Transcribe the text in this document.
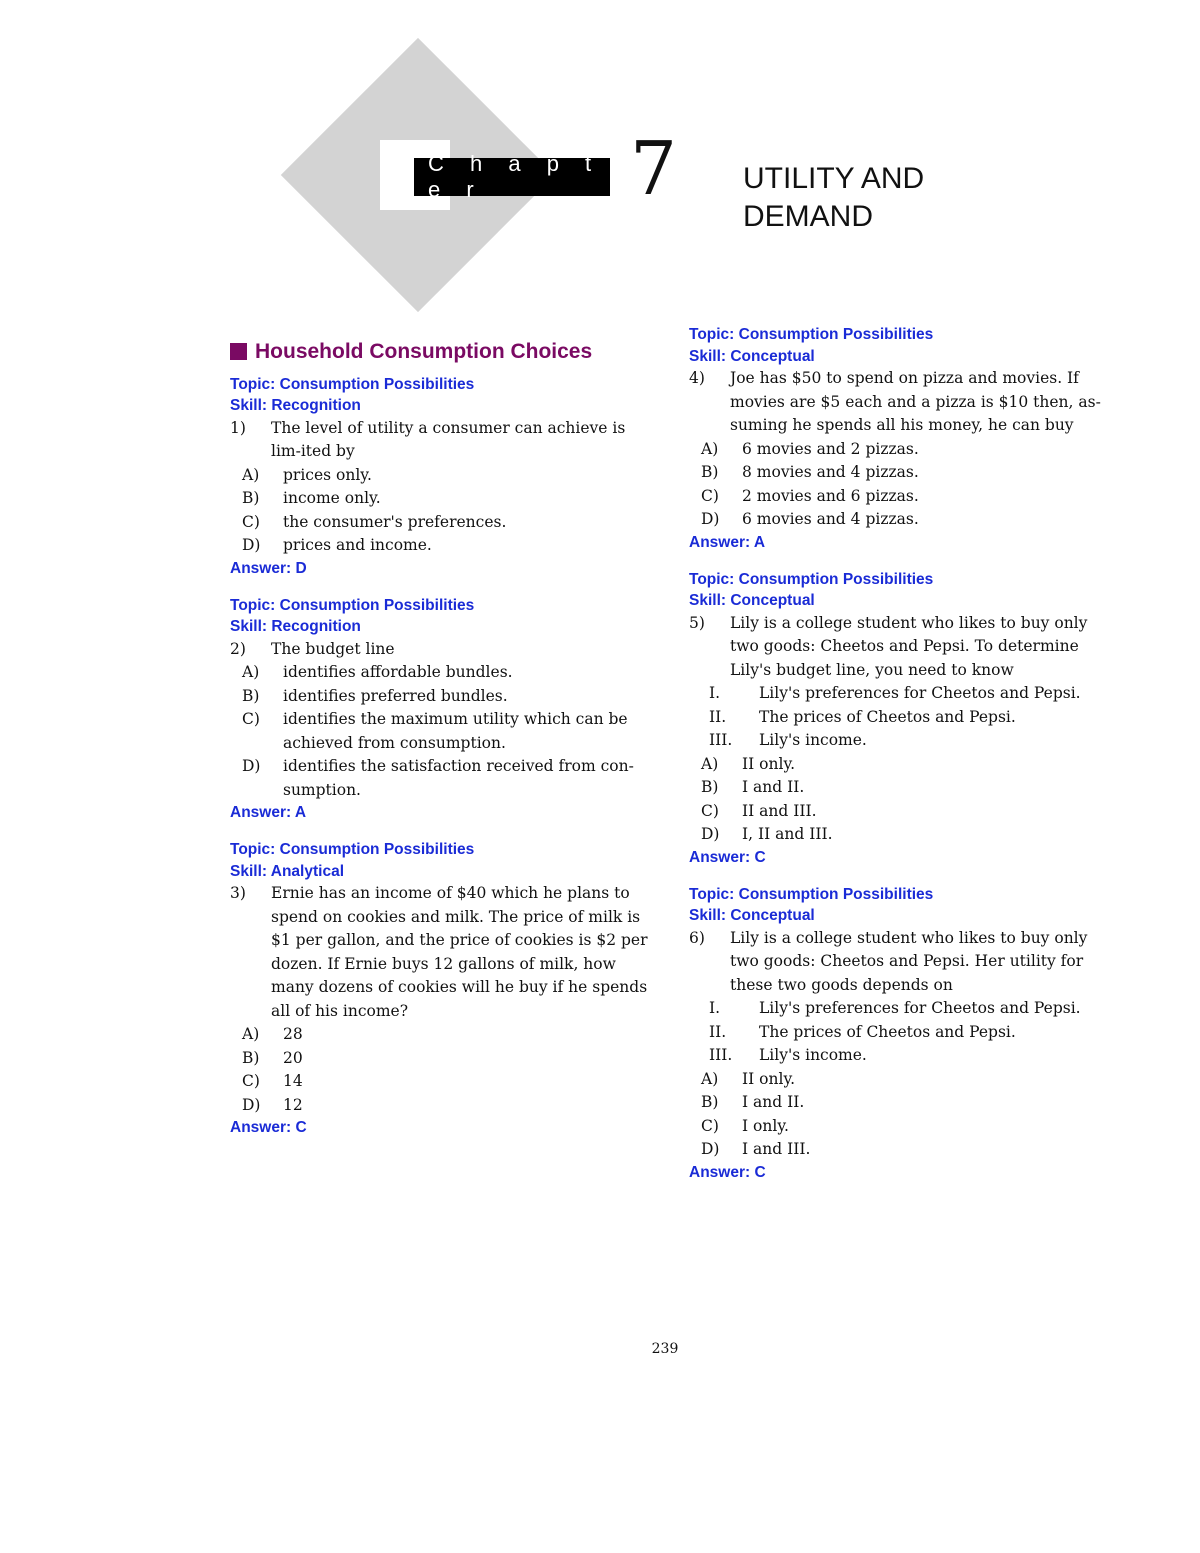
C h a p t e r	7 UTILITY AND
DEMAND
Household Consumption Choices
Topic: Consumption Possibilities
Skill: Recognition
1)	The level of utility a consumer can achieve is lim-ited by
A)	prices only.
B)	income only.
C)	the consumer's preferences.
D)	prices and income.
Answer: D
Topic: Consumption Possibilities
Skill: Recognition
2)	The budget line
A)	identifies affordable bundles.
B)	identifies preferred bundles.
C)	identifies the maximum utility which can be achieved from consumption.
D)	identifies the satisfaction received from con-sumption.
Answer: A
Topic: Consumption Possibilities
Skill: Analytical
3)	Ernie has an income of $40 which he plans to spend on cookies and milk. The price of milk is $1 per gallon, and the price of cookies is $2 per dozen. If Ernie buys 12 gallons of milk, how many dozens of cookies will he buy if he spends all of his income?
A)	28
B)	20
C)	14
D)	12
Answer: C
Topic: Consumption Possibilities
Skill: Conceptual
4)	Joe has $50 to spend on pizza and movies. If movies are $5 each and a pizza is $10 then, as-suming he spends all his money, he can buy
A)	6 movies and 2 pizzas.
B)	8 movies and 4 pizzas.
C)	2 movies and 6 pizzas.
D)	6 movies and 4 pizzas.
Answer: A
Topic: Consumption Possibilities
Skill: Conceptual
5)	Lily is a college student who likes to buy only two goods: Cheetos and Pepsi. To determine Lily's budget line, you need to know
I.	Lily's preferences for Cheetos and Pepsi.
II.	The prices of Cheetos and Pepsi.
III.	Lily's income.
A)	II only.
B)	I and II.
C)	II and III.
D)	I, II and III.
Answer: C
Topic: Consumption Possibilities
Skill: Conceptual
6)	Lily is a college student who likes to buy only two goods: Cheetos and Pepsi. Her utility for these two goods depends on
I.	Lily's preferences for Cheetos and Pepsi.
II.	The prices of Cheetos and Pepsi.
III.	Lily's income.
A)	II only.
B)	I and II.
C)	I only.
D)	I and III.
Answer: C
239
